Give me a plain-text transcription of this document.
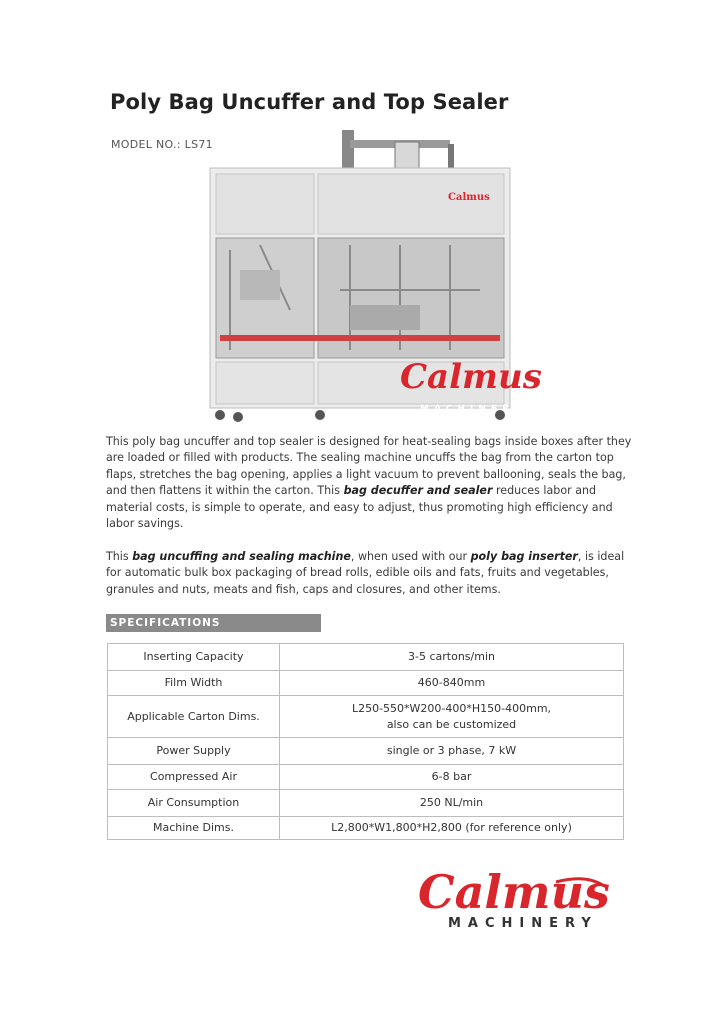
Poly Bag Uncuffer and Top Sealer
MODEL NO.: LS71
Calmus
Calmus
MACHINERY
This poly bag uncuffer and top sealer is designed for heat-sealing bags inside boxes after they are loaded or filled with products. The sealing machine uncuffs the bag from the carton top flaps, stretches the bag opening, applies a light vacuum to prevent ballooning, seals the bag, and then flattens it within the carton. This bag decuffer and sealer reduces labor and material costs, is simple to operate, and easy to adjust, thus promoting high efficiency and labor savings.
This bag uncuffing and sealing machine, when used with our poly bag inserter, is ideal for automatic bulk box packaging of bread rolls, edible oils and fats, fruits and vegetables, granules and nuts, meats and fish, caps and closures, and other items.
SPECIFICATIONS
Inserting Capacity	3-5 cartons/min
Film Width	460-840mm
Applicable Carton Dims.	L250-550*W200-400*H150-400mm,
also can be customized

Power Supply	single or 3 phase, 7 kW
Compressed Air	6-8 bar
Air Consumption	250 NL/min
Machine Dims.	L2,800*W1,800*H2,800 (for reference only)
Calmus
MACHINERY
